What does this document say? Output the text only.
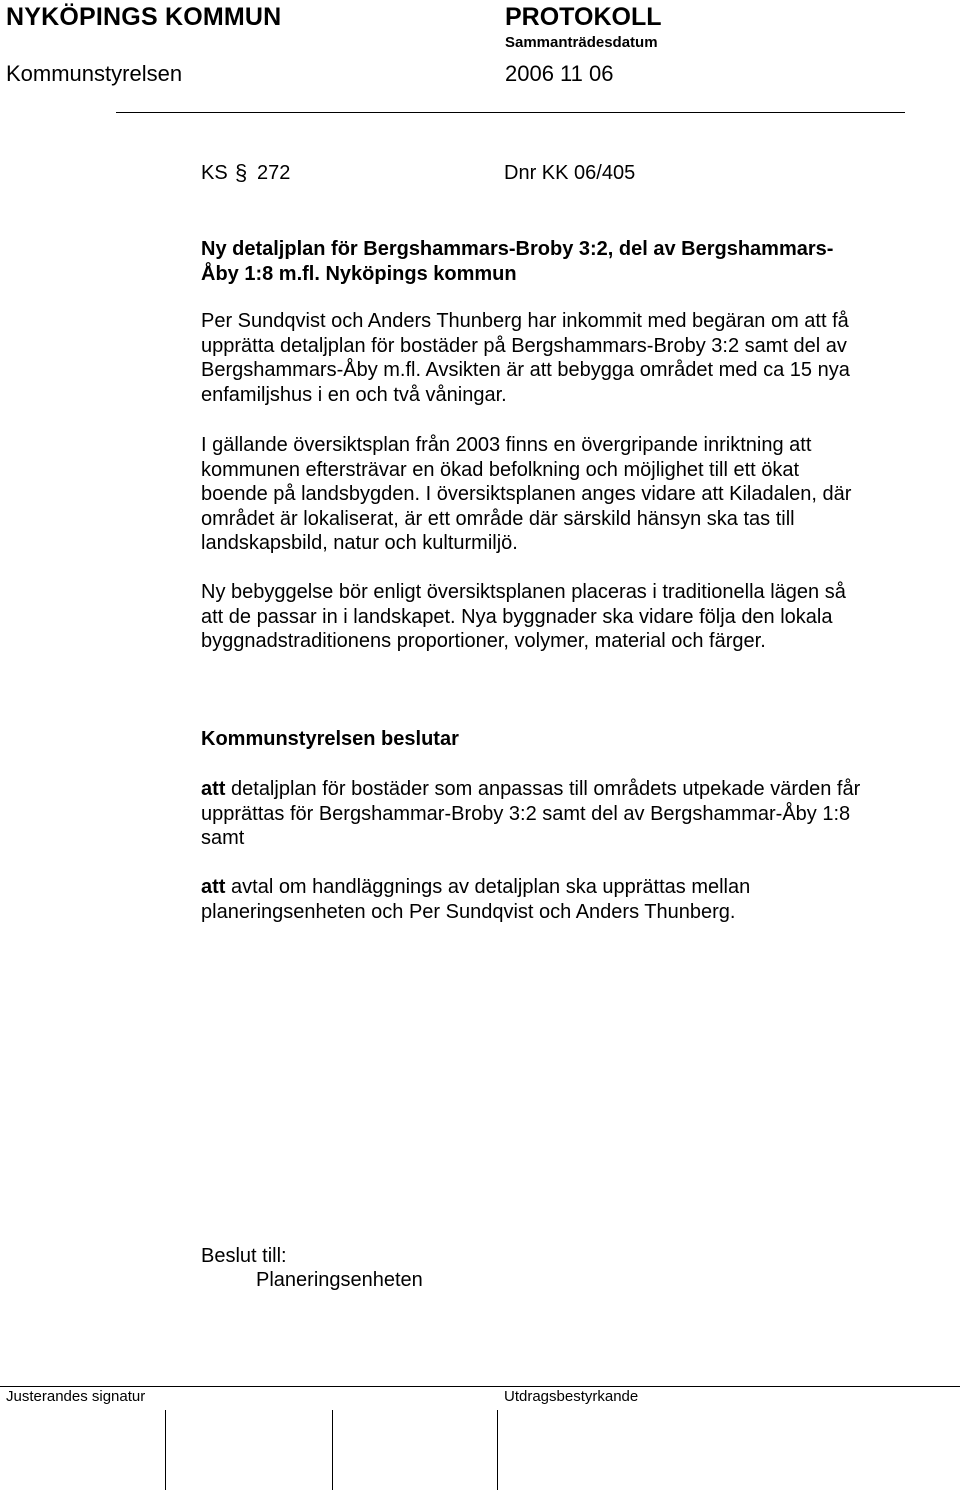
NYKÖPINGS KOMMUN	PROTOKOLL
Sammanträdesdatum
Kommunstyrelsen	2006 11 06
KS § 272	Dnr KK 06/405
Ny detaljplan för Bergshammars-Broby 3:2, del av Bergshammars-
Åby 1:8 m.fl. Nyköpings kommun
Per Sundqvist och Anders Thunberg har inkommit med begäran om att få
upprätta detaljplan för bostäder på Bergshammars-Broby 3:2 samt del av
Bergshammars-Åby m.fl. Avsikten är att bebygga området med ca 15 nya
enfamiljshus i en och två våningar.
I gällande översiktsplan från 2003 finns en övergripande inriktning att
kommunen eftersträvar en ökad befolkning och möjlighet till ett ökat
boende på landsbygden. I översiktsplanen anges vidare att Kiladalen, där
området är lokaliserat, är ett område där särskild hänsyn ska tas till
landskapsbild, natur och kulturmiljö.
Ny bebyggelse bör enligt översiktsplanen placeras i traditionella lägen så
att de passar in i landskapet. Nya byggnader ska vidare följa den lokala
byggnadstraditionens proportioner, volymer, material och färger.
Kommunstyrelsen beslutar
att detaljplan för bostäder som anpassas till områdets utpekade värden får
upprättas för Bergshammar-Broby 3:2 samt del av Bergshammar-Åby 1:8
samt
att avtal om handläggnings av detaljplan ska upprättas mellan
planeringsenheten och Per Sundqvist och Anders Thunberg.
Beslut till:
Planeringsenheten
Justerandes signatur	Utdragsbestyrkande
